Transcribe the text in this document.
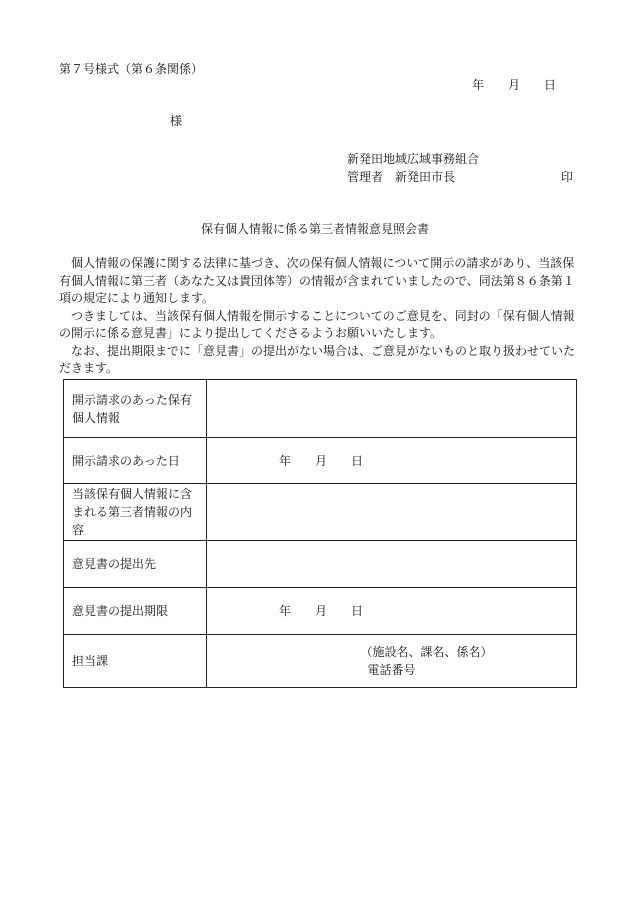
第７号様式（第６条関係）
年 月 日
様
新発田地域広域事務組合
管理者　新発田市長	印
保有個人情報に係る第三者情報意見照会書

個人情報の保護に関する法律に基づき、次の保有個人情報について開示の請求があり、当該保有個人情報に第三者（あなた又は貴団体等）の情報が含まれていましたので、同法第８６条第１項の規定により通知します。

つきましては、当該保有個人情報を開示することについてのご意見を、同封の「保有個人情報の開示に係る意見書」により提出してくださるようお願いいたします。

なお、提出期限までに「意見書」の提出がない場合は、ご意見がないものと取り扱わせていただきます。

開示請求のあった保有個人情報	
開示請求のあった日	年 月 日
当該保有個人情報に含まれる第三者情報の内容	
意見書の提出先	
意見書の提出期限	年 月 日
担当課	（施設名、課名、係名）
電話番号
